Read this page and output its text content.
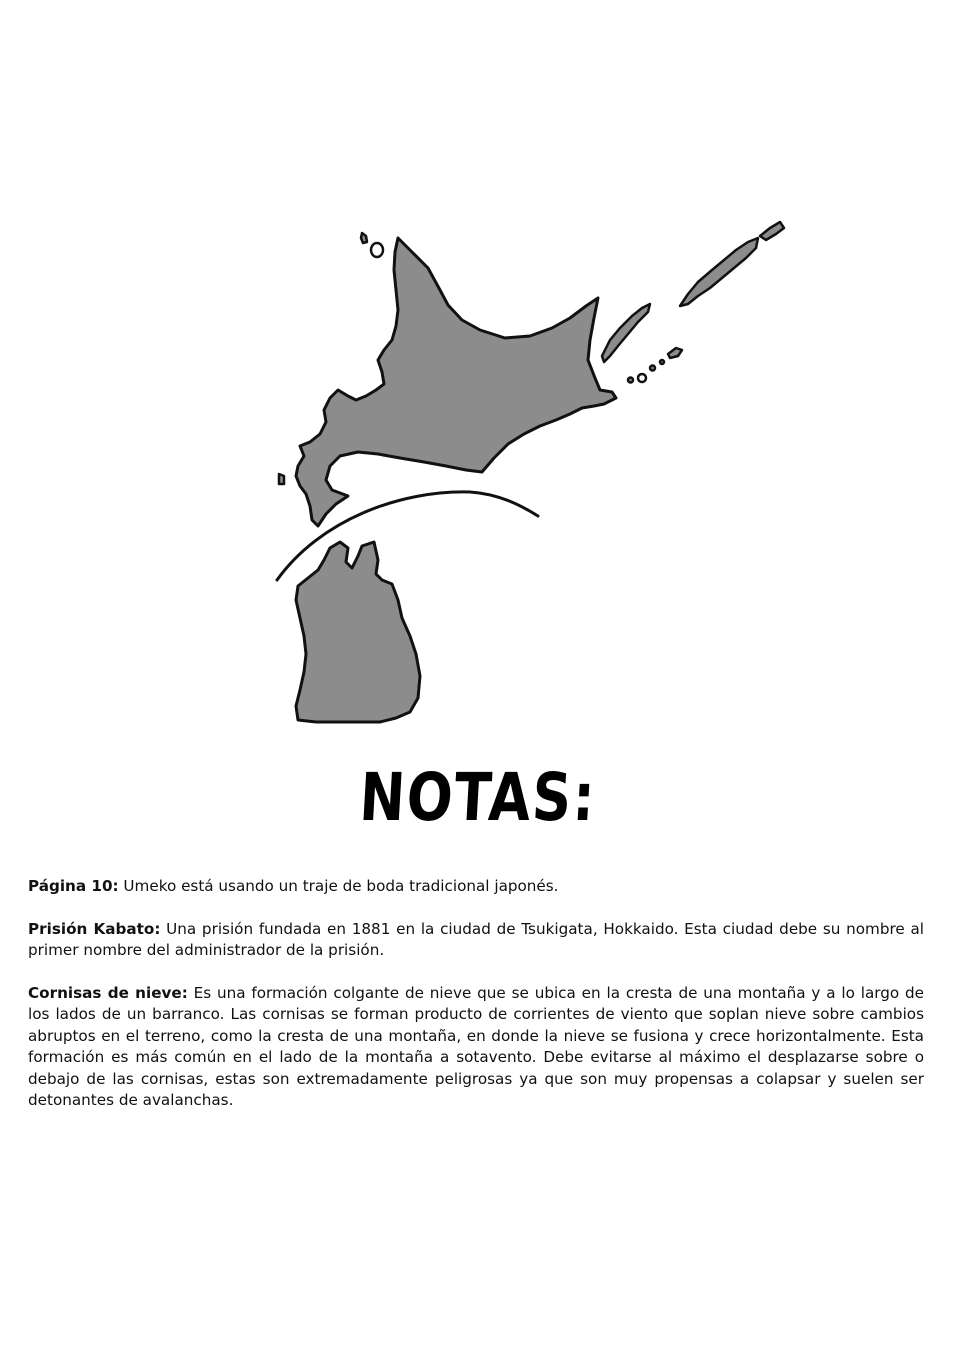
NOTAS:

Página 10: Umeko está usando un traje de boda tradicional japonés.

Prisión Kabato: Una prisión fundada en 1881 en la ciudad de Tsukigata, Hokkaido. Esta ciudad debe su nombre al primer nombre del administrador de la prisión.

Cornisas de nieve: Es una formación colgante de nieve que se ubica en la cresta de una montaña y a lo largo de los lados de un barranco. Las cornisas se forman producto de corrientes de viento que soplan nieve sobre cambios abruptos en el terreno, como la cresta de una montaña, en donde la nieve se fusiona y crece horizontalmente. Esta formación es más común en el lado de la montaña a sotavento. Debe evitarse al máximo el desplazarse sobre o debajo de las cornisas, estas son extremadamente peligrosas ya que son muy propensas a colapsar y suelen ser detonantes de avalanchas.
